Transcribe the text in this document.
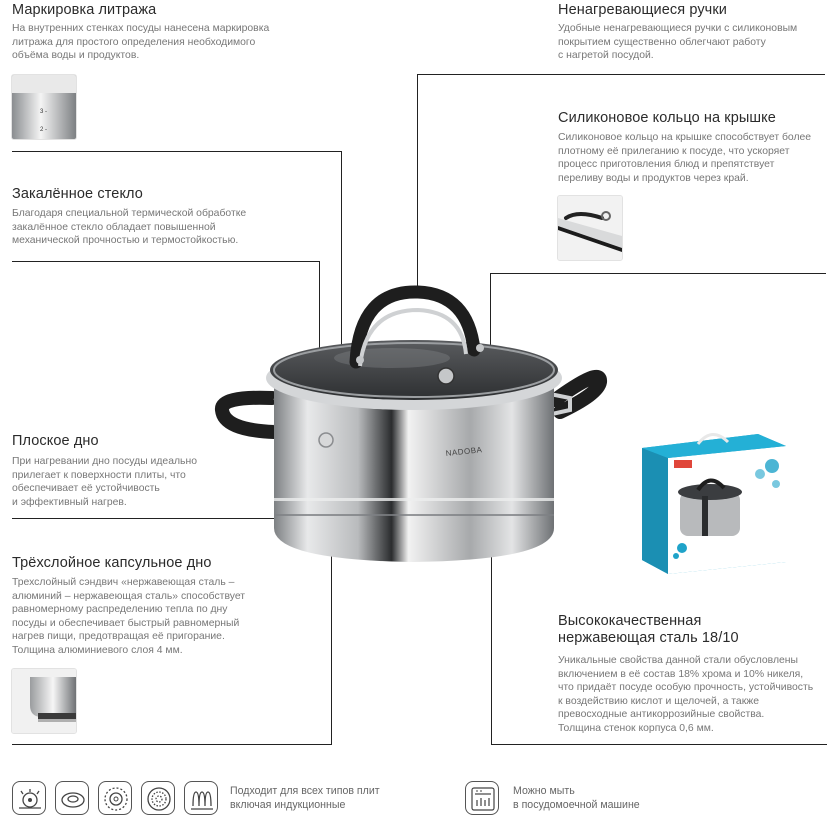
Маркировка литража
На внутренних стенках посуды нанесена маркировка
литража для простого определения необходимого
объёма воды и продуктов.
3 -
2 -
Закалённое стекло
Благодаря специальной термической обработке
закалённое стекло обладает повышенной
механической прочностью и термостойкостью.
Плоское дно
При нагревании дно посуды идеально
прилегает к поверхности плиты, что
обеспечивает её устойчивость
и эффективный нагрев.
Трёхслойное капсульное дно
Трехслойный сэндвич «нержавеющая сталь –
алюминий – нержавеющая сталь» способствует
равномерному распределению тепла по дну
посуды и обеспечивает быстрый равномерный
нагрев пищи, предотвращая её пригорание.
Толщина алюминиевого слоя 4 мм.
Ненагревающиеся ручки
Удобные ненагревающиеся ручки с силиконовым
покрытием существенно облегчают работу
с нагретой посудой.
Силиконовое кольцо на крышке
Силиконовое кольцо на крышке способствует более
плотному её прилеганию к посуде, что ускоряет
процесс приготовления блюд и препятствует
переливу воды и продуктов через край.
Высококачественная
нержавеющая сталь 18/10
Уникальные свойства данной стали обусловлены
включением в её состав 18% хрома и 10% никеля,
что придаёт посуде особую прочность, устойчивость
к воздействию кислот и щелочей, а также
превосходные антикоррозийные свойства.
Толщина стенок корпуса 0,6 мм.
NADOBA
Подходит для всех типов плит
включая индукционные
Можно мыть
в посудомоечной машине
